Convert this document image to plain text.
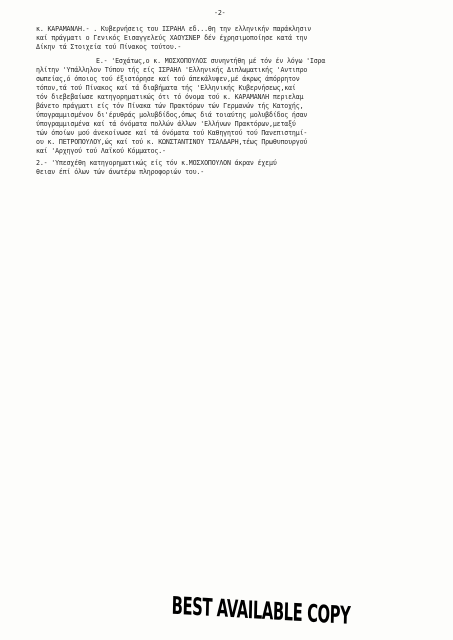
-2-
κ. ΚΑΡΑΜΑΝΛΗ.- . Κυβερνήσεις του ΙΣΡΑΗΛ εδ...θη την ελληνικήν παράκλησιν
καί πράγματι ο Γενικός Εισαγγελεύς ΧΑΟΥΣΝΕΡ δέν έχρησιμοποίησε κατά την
Δίκην τά Στοιχεία τού Πίνακος τούτου.-
Ε.- 'Εσχάτως,ο κ. ΜΟΣΧΟΠΟΥΛΟΣ συνηντήθη μέ τόν έν λόγω 'Ισρα
ηλίτην 'Υπάλληλον Τύπου τής είς ΙΣΡΑΗΛ 'Ελληνικής Διπλωματικής 'Αντιπρο
σωπείας,ό όποιος τού έξιστόρησε καί τού άπεκάλυψεν,μέ άκρως άπόρρητον
τόπον,τά τού Πίνακος καί τά διαβήματα τής 'Ελληνικής Κυβερνήσεως,καί
τόν διεβεβαίωσε κατηγορηματικώς ότι τό όνομα τού κ. ΚΑΡΑΜΑΝΛΗ περιελαμ
βάνετο πράγματι είς τόν Πίνακα τών Πρακτόρων τών Γερμανών τής Κατοχής,
ύπογραμμισμένον δι'έρυθράς μολυβδίδος,όπως διά τοιαύτης μολυβδίδος ήσαν
ύπογραμμισμένα καί τά όνόματα πολλών άλλων 'Ελλήνων Πρακτόρων,μεταξύ
τών όποίων μού άνεκοίνωσε καί τά όνόματα τού Καθηγητού τού Πανεπιστημί-
ου κ. ΠΕΤΡΟΠΟΥΛΟΥ,ώς καί τού κ. ΚΩΝΣΤΑΝΤΙΝΟΥ ΤΣΑΛΔΑΡΗ,τέως Πρωθυπουργού
καί 'Αρχηγού τού Λαϊκού Κόμματος.-
2.- 'Υπεσχέθη κατηγορηματικώς είς τόν κ.ΜΟΣΧΟΠΟΥΛΟΝ άκραν έχεμύ
θειαν έπί όλων τών άνωτέρω πληροφοριών του.-
BEST AVAILABLE COPY
